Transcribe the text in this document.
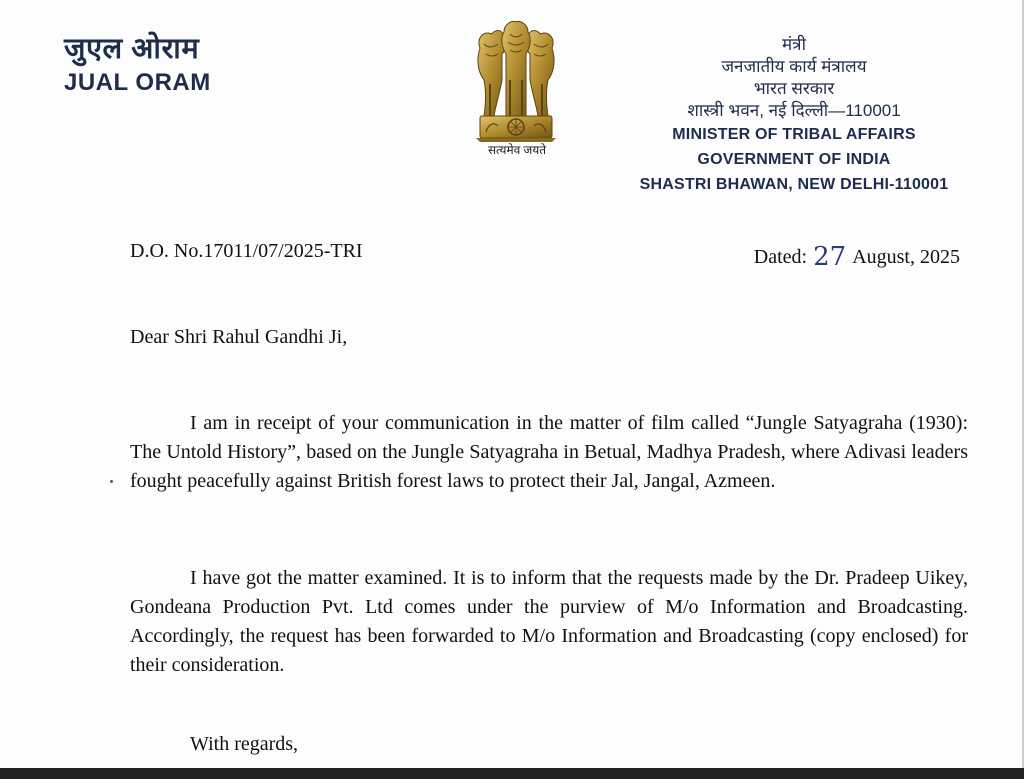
जुएल ओराम
JUAL ORAM
सत्यमेव जयते
मंत्री
जनजातीय कार्य मंत्रालय
भारत सरकार
शास्त्री भवन, नई दिल्ली—110001
MINISTER OF TRIBAL AFFAIRS
GOVERNMENT OF INDIA
SHASTRI BHAWAN, NEW DELHI-110001
D.O. No.17011/07/2025-TRI	Dated: 27 August, 2025
Dear Shri Rahul Gandhi Ji,
I am in receipt of your communication in the matter of film called “Jungle Satyagraha (1930): The Untold History”, based on the Jungle Satyagraha in Betual, Madhya Pradesh, where Adivasi leaders fought peacefully against British forest laws to protect their Jal, Jangal, Azmeen.
I have got the matter examined. It is to inform that the requests made by the Dr. Pradeep Uikey, Gondeana Production Pvt. Ltd comes under the purview of M/o Information and Broadcasting. Accordingly, the request has been forwarded to M/o Information and Broadcasting (copy enclosed) for their consideration.
With regards,
